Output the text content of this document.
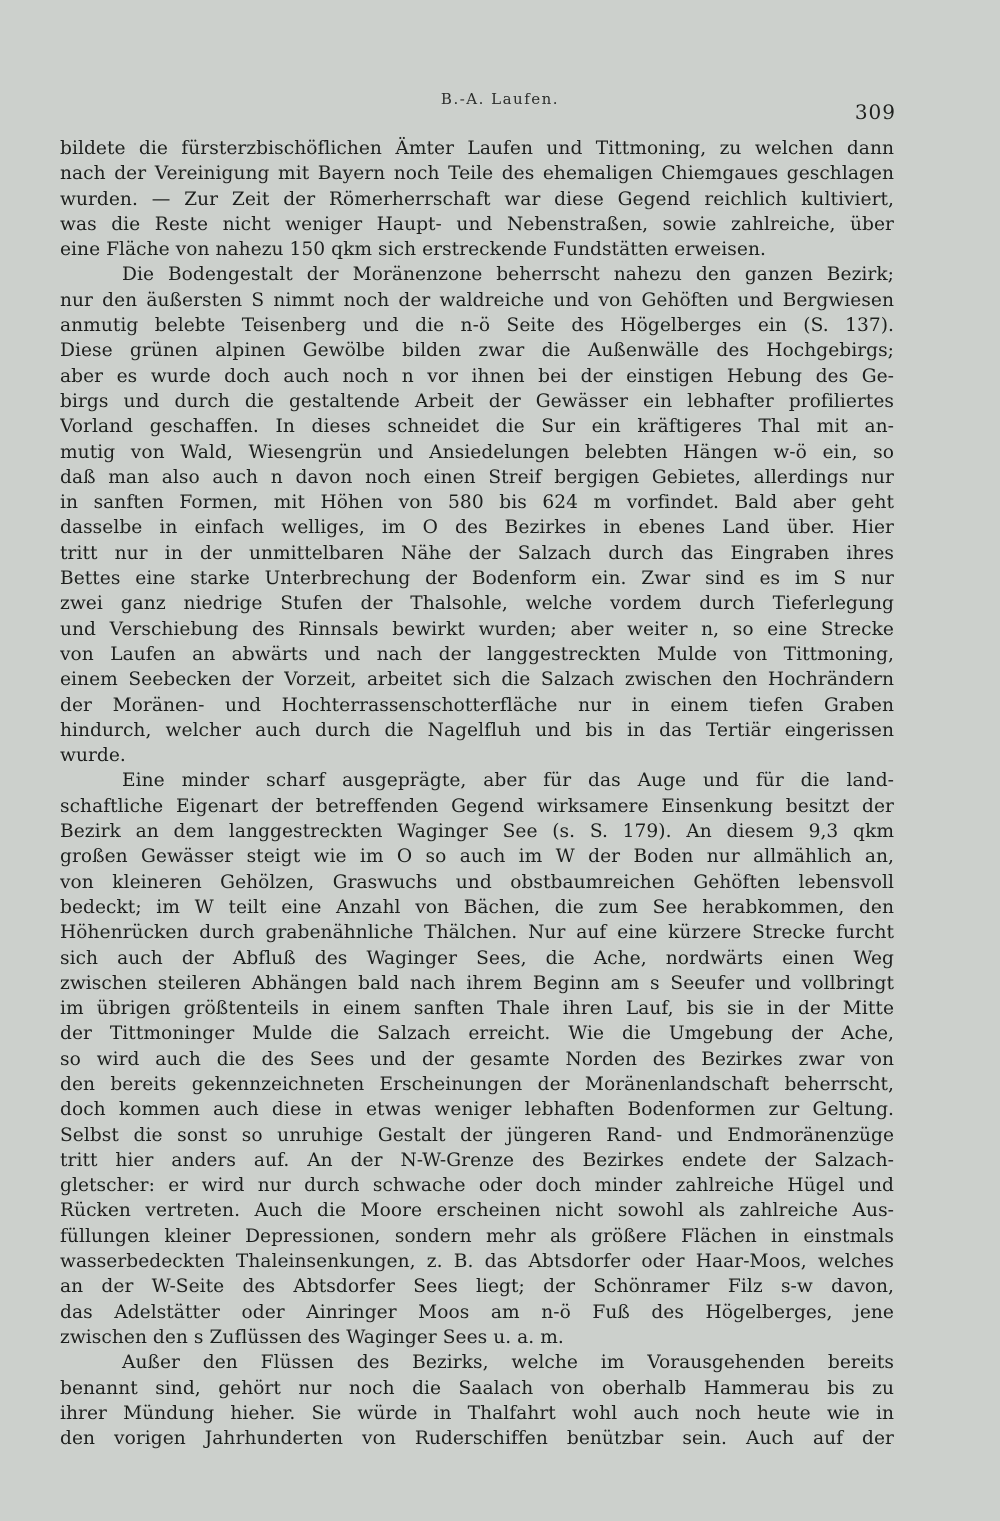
B.-A. Laufen.
309
bildete die fürsterzbischöflichen Ämter Laufen und Tittmoning, zu welchen dann
nach der Vereinigung mit Bayern noch Teile des ehemaligen Chiemgaues geschlagen
wurden. — Zur Zeit der Römerherrschaft war diese Gegend reichlich kultiviert,
was die Reste nicht weniger Haupt- und Nebenstraßen, sowie zahlreiche, über
eine Fläche von nahezu 150 qkm sich erstreckende Fundstätten erweisen.
Die Bodengestalt der Moränenzone beherrscht nahezu den ganzen Bezirk;
nur den äußersten S nimmt noch der waldreiche und von Gehöften und Bergwiesen
anmutig belebte Teisenberg und die n-ö Seite des Högelberges ein (S. 137).
Diese grünen alpinen Gewölbe bilden zwar die Außenwälle des Hochgebirgs;
aber es wurde doch auch noch n vor ihnen bei der einstigen Hebung des Ge-
birgs und durch die gestaltende Arbeit der Gewässer ein lebhafter profiliertes
Vorland geschaffen. In dieses schneidet die Sur ein kräftigeres Thal mit an-
mutig von Wald, Wiesengrün und Ansiedelungen belebten Hängen w-ö ein, so
daß man also auch n davon noch einen Streif bergigen Gebietes, allerdings nur
in sanften Formen, mit Höhen von 580 bis 624 m vorfindet. Bald aber geht
dasselbe in einfach welliges, im O des Bezirkes in ebenes Land über. Hier
tritt nur in der unmittelbaren Nähe der Salzach durch das Eingraben ihres
Bettes eine starke Unterbrechung der Bodenform ein. Zwar sind es im S nur
zwei ganz niedrige Stufen der Thalsohle, welche vordem durch Tieferlegung
und Verschiebung des Rinnsals bewirkt wurden; aber weiter n, so eine Strecke
von Laufen an abwärts und nach der langgestreckten Mulde von Tittmoning,
einem Seebecken der Vorzeit, arbeitet sich die Salzach zwischen den Hochrändern
der Moränen- und Hochterrassenschotterfläche nur in einem tiefen Graben
hindurch, welcher auch durch die Nagelfluh und bis in das Tertiär eingerissen
wurde.
Eine minder scharf ausgeprägte, aber für das Auge und für die land-
schaftliche Eigenart der betreffenden Gegend wirksamere Einsenkung besitzt der
Bezirk an dem langgestreckten Waginger See (s. S. 179). An diesem 9,3 qkm
großen Gewässer steigt wie im O so auch im W der Boden nur allmählich an,
von kleineren Gehölzen, Graswuchs und obstbaumreichen Gehöften lebensvoll
bedeckt; im W teilt eine Anzahl von Bächen, die zum See herabkommen, den
Höhenrücken durch grabenähnliche Thälchen. Nur auf eine kürzere Strecke furcht
sich auch der Abfluß des Waginger Sees, die Ache, nordwärts einen Weg
zwischen steileren Abhängen bald nach ihrem Beginn am s Seeufer und vollbringt
im übrigen größtenteils in einem sanften Thale ihren Lauf, bis sie in der Mitte
der Tittmoninger Mulde die Salzach erreicht. Wie die Umgebung der Ache,
so wird auch die des Sees und der gesamte Norden des Bezirkes zwar von
den bereits gekennzeichneten Erscheinungen der Moränenlandschaft beherrscht,
doch kommen auch diese in etwas weniger lebhaften Bodenformen zur Geltung.
Selbst die sonst so unruhige Gestalt der jüngeren Rand- und Endmoränenzüge
tritt hier anders auf. An der N-W-Grenze des Bezirkes endete der Salzach-
gletscher: er wird nur durch schwache oder doch minder zahlreiche Hügel und
Rücken vertreten. Auch die Moore erscheinen nicht sowohl als zahlreiche Aus-
füllungen kleiner Depressionen, sondern mehr als größere Flächen in einstmals
wasserbedeckten Thaleinsenkungen, z. B. das Abtsdorfer oder Haar-Moos, welches
an der W-Seite des Abtsdorfer Sees liegt; der Schönramer Filz s-w davon,
das Adelstätter oder Ainringer Moos am n-ö Fuß des Högelberges, jene
zwischen den s Zuflüssen des Waginger Sees u. a. m.
Außer den Flüssen des Bezirks, welche im Vorausgehenden bereits
benannt sind, gehört nur noch die Saalach von oberhalb Hammerau bis zu
ihrer Mündung hieher. Sie würde in Thalfahrt wohl auch noch heute wie in
den vorigen Jahrhunderten von Ruderschiffen benützbar sein. Auch auf der
